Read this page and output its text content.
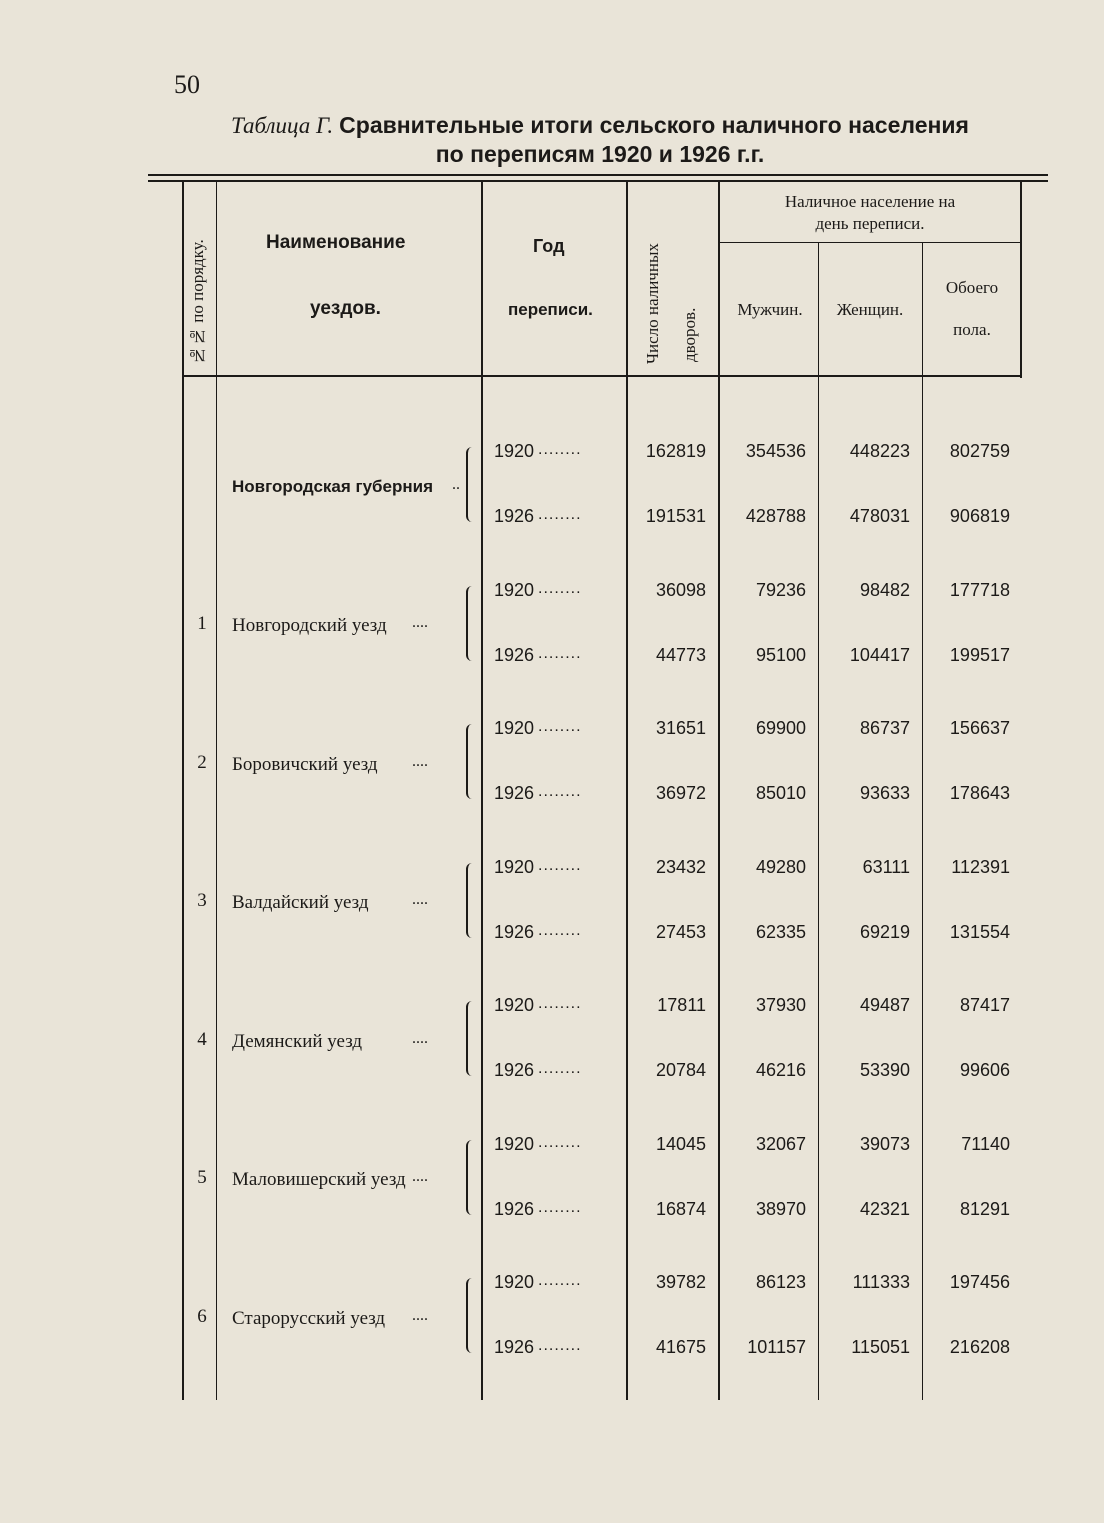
50
Таблица Г. Сравнительные итоги сельского наличного населения
по переписям 1920 и 1926 г.г.
№№ по порядку.	Наименование
уездов.
Год
переписи.	Число наличных дворов.
Наличное население на
день переписи.
Мужчин.	Женщин.
Обоего
пола.
Новгородская губерния ..
1920	162819	354536	448223	802759
........
1926	191531	428788	478031	906819
........
1 Новгородский уезд ....
1920	36098	79236	98482	177718
........
1926	44773	95100	104417	199517
........
2 Боровичский уезд ....
1920	31651	69900	86737	156637
........
1926	36972	85010	93633	178643
........
3 Валдайский уезд	....
1920	23432	49280	63111	112391
........
1926	27453	62335	69219	131554
........
4 Демянский уезд	....
1920	17811	37930	49487	87417
........
1926	20784	46216	53390	99606
........
5 Маловишерский уезд ....
1920	14045	32067	39073	71140
........
1926	16874	38970	42321	81291
........
6 Старорусский уезд ....
1920	39782	86123	111333	197456
........
1926	41675	101157	115051	216208
........
